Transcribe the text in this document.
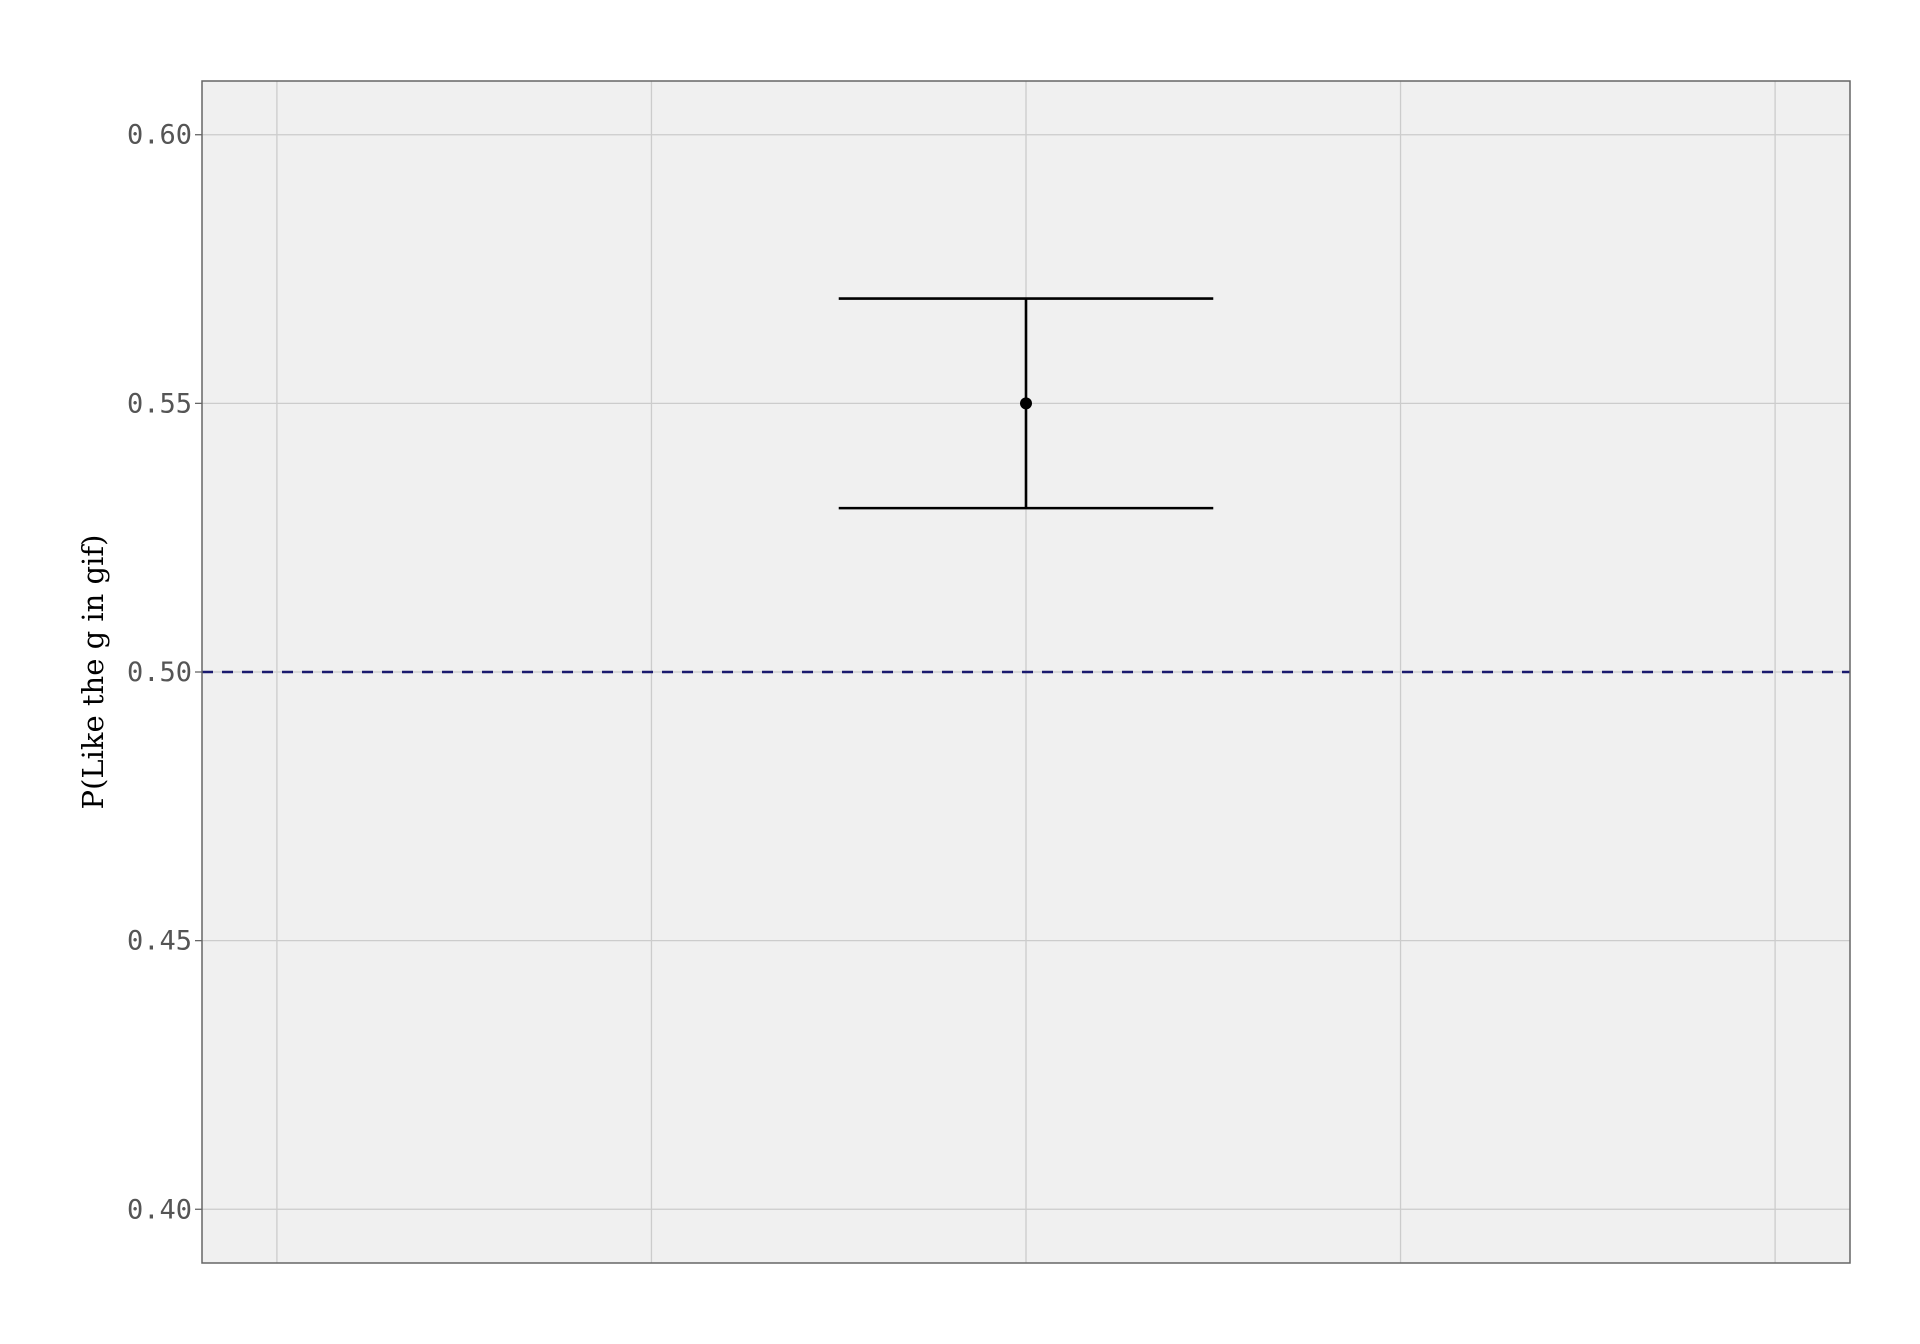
0.40
0.45
0.50
0.55
0.60
P(Like the g in gif)
